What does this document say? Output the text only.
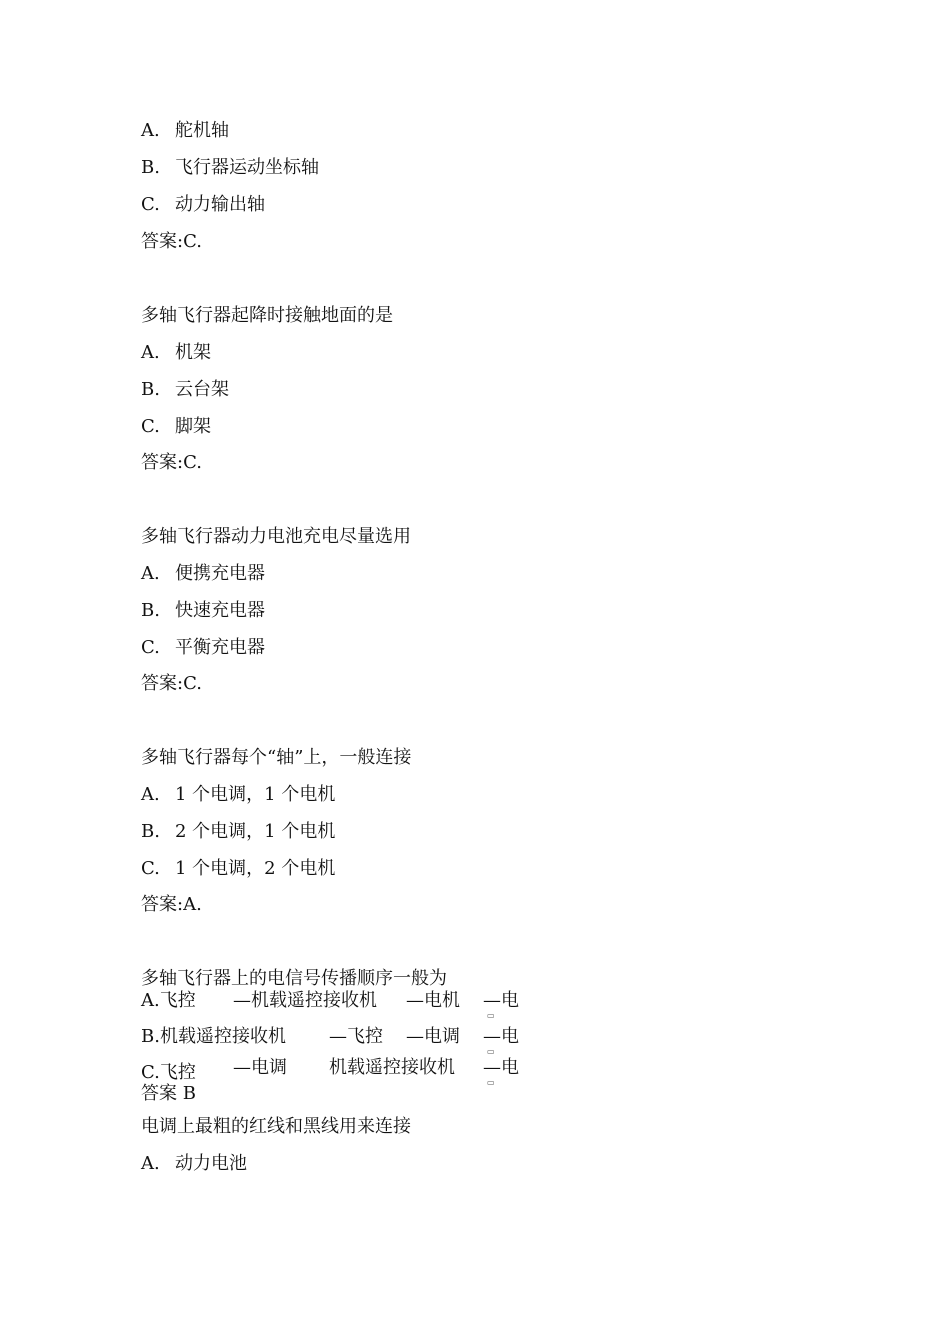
A. 舵机轴
B. 飞行器运动坐标轴
C. 动力输出轴
答案:C.
多轴飞行器起降时接触地面的是
A. 机架
B. 云台架
C. 脚架
答案:C.
多轴飞行器动力电池充电尽量选用
A. 便携充电器
B. 快速充电器
C. 平衡充电器
答案:C.
多轴飞行器每个“轴”上，一般连接
A. 1 个电调，1 个电机
B. 2 个电调，1 个电机
C. 1 个电调，2 个电机
答案:A.
多轴飞行器上的电信号传播顺序一般为
A.飞控 —机载遥控接收机 —电机 —电
▭
B.机载遥控接收机 —飞控 —电调 —电
▭
C.飞控 —电调 机载遥控接收机 —电
▭
答案 B
电调上最粗的红线和黑线用来连接
A. 动力电池
